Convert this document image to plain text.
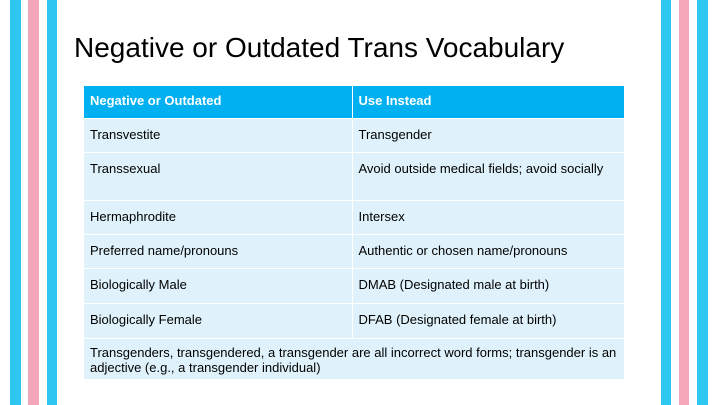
Negative or Outdated Trans Vocabulary
Negative or Outdated	Use Instead
Transvestite	Transgender
Transsexual	Avoid outside medical fields; avoid socially
Hermaphrodite	Intersex
Preferred name/pronouns	Authentic or chosen name/pronouns
Biologically Male	DMAB (Designated male at birth)
Biologically Female	DFAB (Designated female at birth)
Transgenders, transgendered, a transgender are all incorrect word forms; transgender is an adjective (e.g., a transgender individual)	
